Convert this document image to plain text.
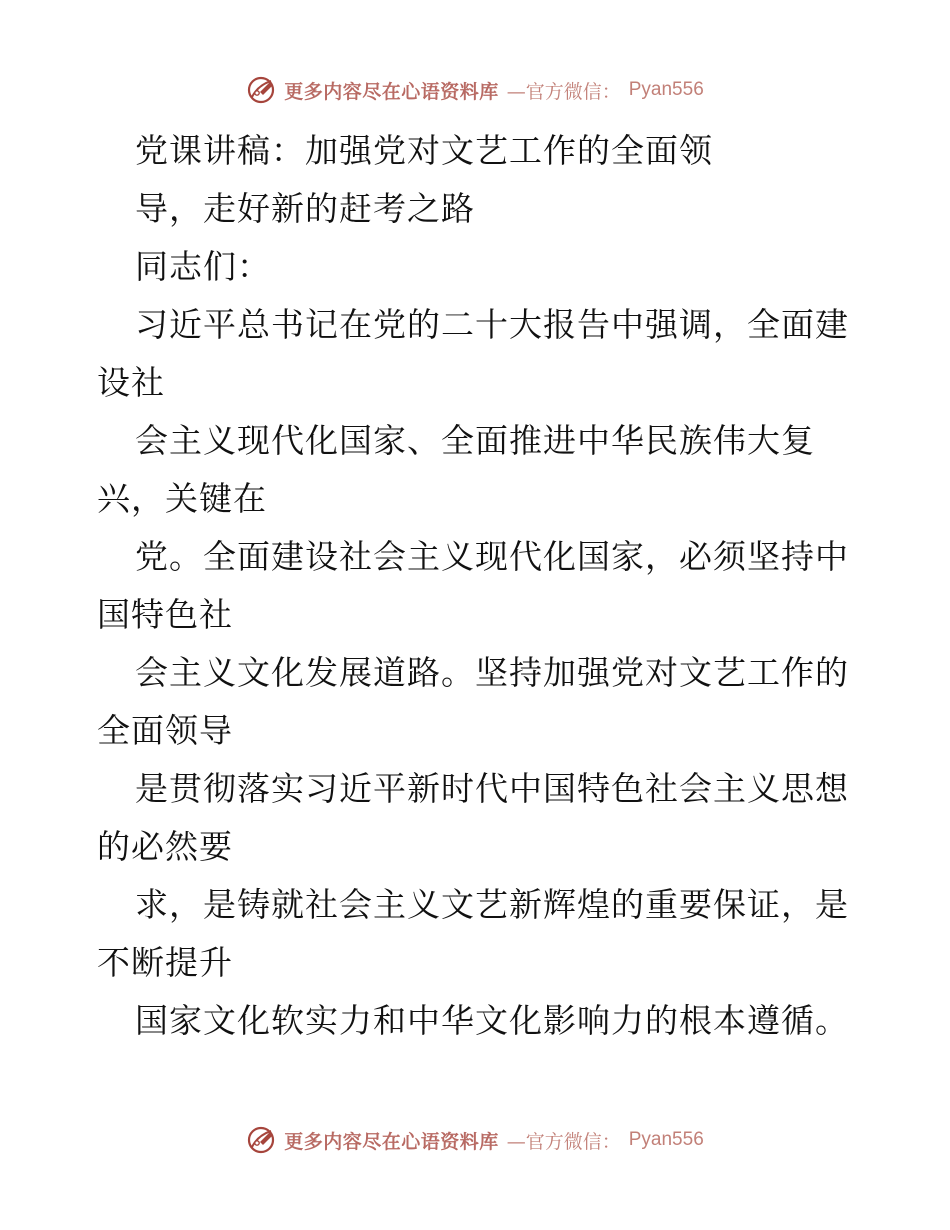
更多内容尽在心语资料库 —官方微信： Pyan556
党课讲稿：加强党对文艺工作的全面领
导，走好新的赶考之路
同志们：
习近平总书记在党的二十大报告中强调，全面建
设社
会主义现代化国家、全面推进中华民族伟大复
兴，关键在
党。全面建设社会主义现代化国家，必须坚持中
国特色社
会主义文化发展道路。坚持加强党对文艺工作的
全面领导
是贯彻落实习近平新时代中国特色社会主义思想
的必然要
求，是铸就社会主义文艺新辉煌的重要保证，是
不断提升
国家文化软实力和中华文化影响力的根本遵循。
更多内容尽在心语资料库 —官方微信： Pyan556
